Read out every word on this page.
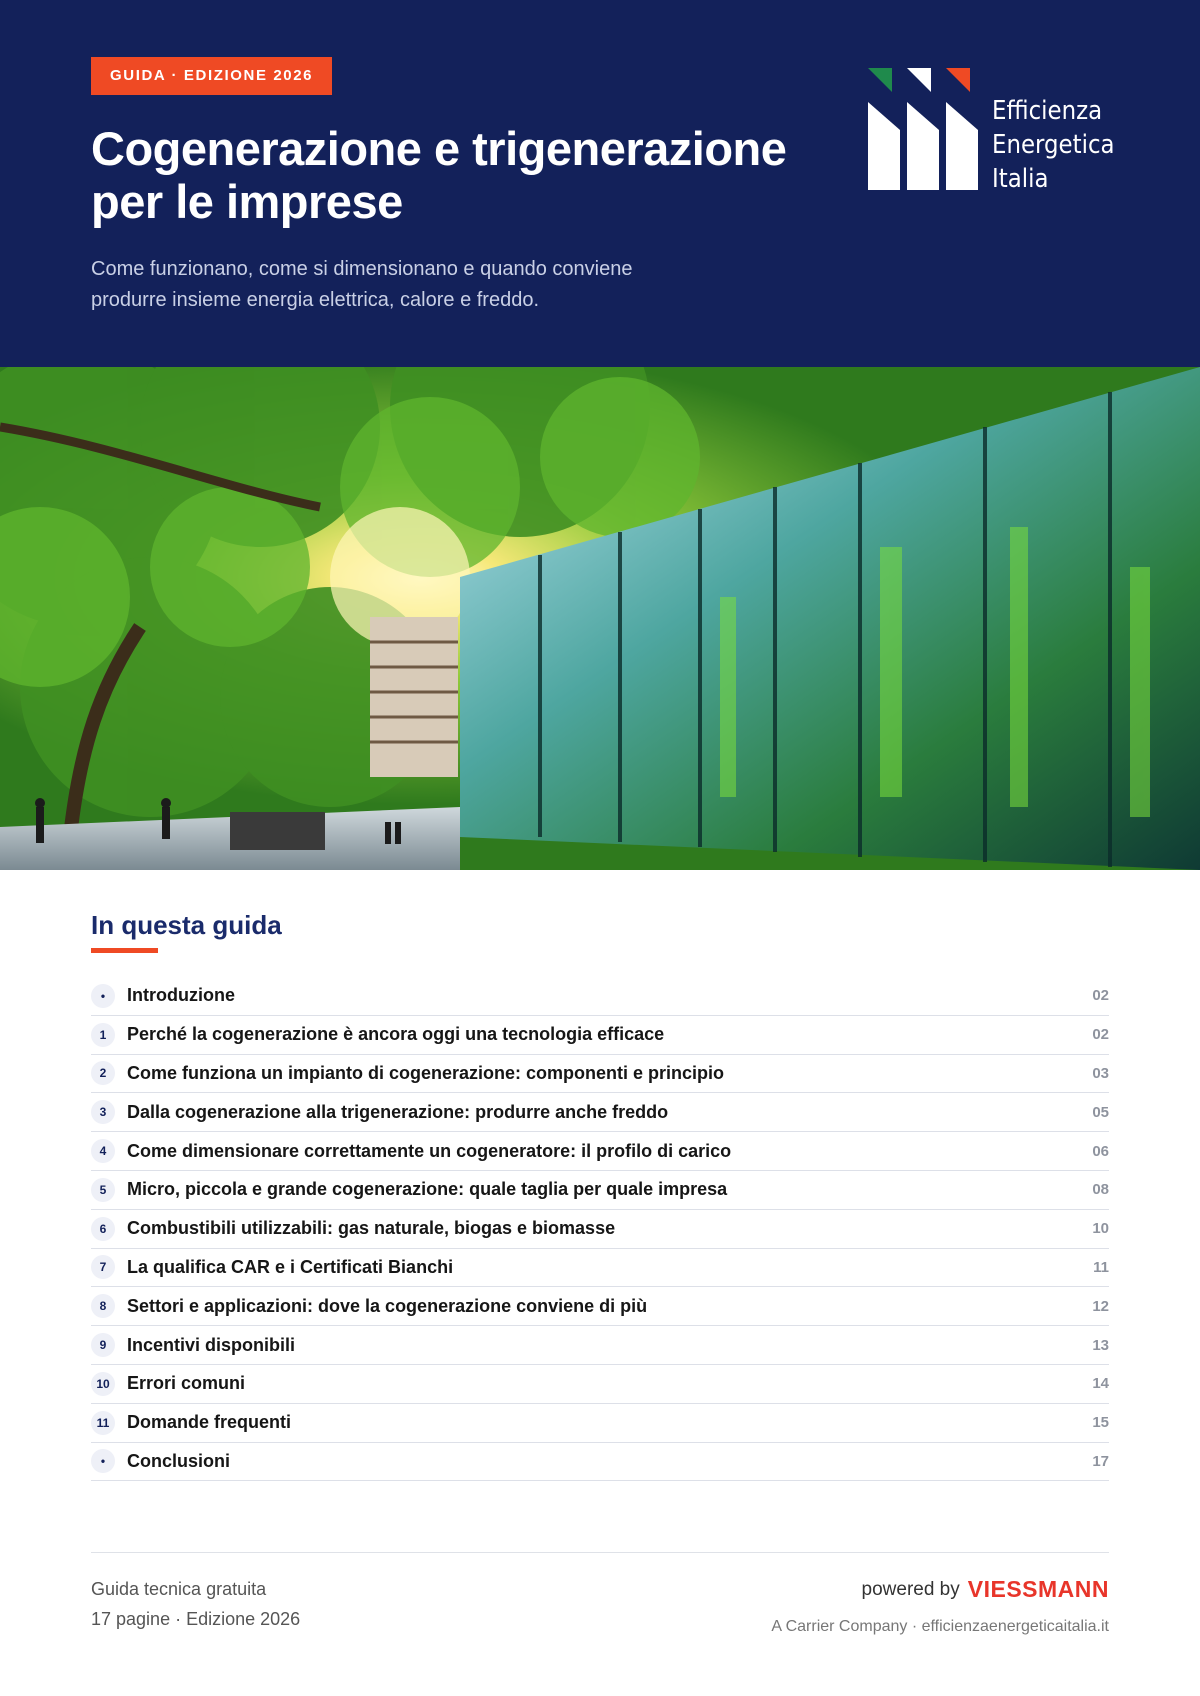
GUIDA · EDIZIONE 2026
Cogenerazione e trigenerazione per le imprese
Come funzionano, come si dimensionano e quando conviene produrre insieme energia elettrica, calore e freddo.
Efficienza
Energetica
Italia
In questa guida
•	Introduzione	02
1	Perché la cogenerazione è ancora oggi una tecnologia efficace	02
2	Come funziona un impianto di cogenerazione: componenti e principio	03
3	Dalla cogenerazione alla trigenerazione: produrre anche freddo	05
4	Come dimensionare correttamente un cogeneratore: il profilo di carico	06
5	Micro, piccola e grande cogenerazione: quale taglia per quale impresa	08
6	Combustibili utilizzabili: gas naturale, biogas e biomasse	10
7	La qualifica CAR e i Certificati Bianchi	11
8	Settori e applicazioni: dove la cogenerazione conviene di più	12
9	Incentivi disponibili	13
10 Errori comuni	14
11 Domande frequenti	15
•	Conclusioni	17
Guida tecnica gratuita
17 pagine · Edizione 2026
powered by VIESSMANN
A Carrier Company · efficienzaenergeticaitalia.it
